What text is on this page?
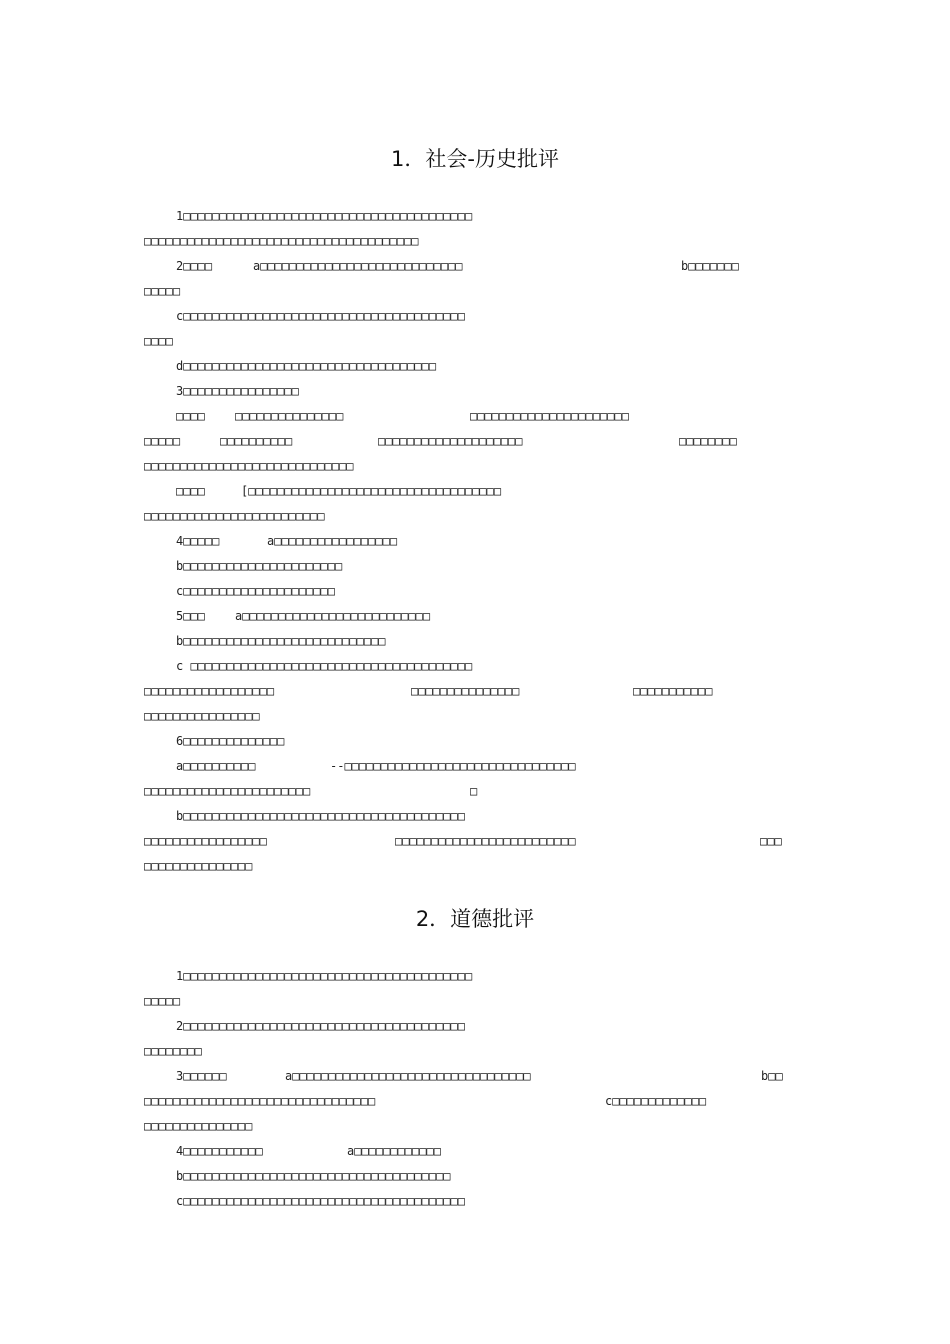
1．社会-历史批评
1□□□□□□□□□□□□□□□□□□□□□□□□□□□□□□□□□□□□□□□□
□□□□□□□□□□□□□□□□□□□□□□□□□□□□□□□□□□□□□□
2□□□□	a□□□□□□□□□□□□□□□□□□□□□□□□□□□□	b□□□□□□□
□□□□□
c□□□□□□□□□□□□□□□□□□□□□□□□□□□□□□□□□□□□□□□
□□□□
d□□□□□□□□□□□□□□□□□□□□□□□□□□□□□□□□□□□
3□□□□□□□□□□□□□□□□
□□□□	□□□□□□□□□□□□□□□	□□□□□□□□□□□□□□□□□□□□□□
□□□□□	□□□□□□□□□□	□□□□□□□□□□□□□□□□□□□□	□□□□□□□□
□□□□□□□□□□□□□□□□□□□□□□□□□□□□□
□□□□	[□□□□□□□□□□□□□□□□□□□□□□□□□□□□□□□□□□□
□□□□□□□□□□□□□□□□□□□□□□□□□
4□□□□□	a□□□□□□□□□□□□□□□□□
b□□□□□□□□□□□□□□□□□□□□□□
c□□□□□□□□□□□□□□□□□□□□□
5□□□	a□□□□□□□□□□□□□□□□□□□□□□□□□□
b□□□□□□□□□□□□□□□□□□□□□□□□□□□□
c □□□□□□□□□□□□□□□□□□□□□□□□□□□□□□□□□□□□□□□
□□□□□□□□□□□□□□□□□□	□□□□□□□□□□□□□□□	□□□□□□□□□□□
□□□□□□□□□□□□□□□□
6□□□□□□□□□□□□□□
a□□□□□□□□□□	--□□□□□□□□□□□□□□□□□□□□□□□□□□□□□□□□
□□□□□□□□□□□□□□□□□□□□□□□	□
b□□□□□□□□□□□□□□□□□□□□□□□□□□□□□□□□□□□□□□□
□□□□□□□□□□□□□□□□□	□□□□□□□□□□□□□□□□□□□□□□□□□	□□□
□□□□□□□□□□□□□□□
2．道德批评
1□□□□□□□□□□□□□□□□□□□□□□□□□□□□□□□□□□□□□□□□
□□□□□
2□□□□□□□□□□□□□□□□□□□□□□□□□□□□□□□□□□□□□□□
□□□□□□□□
3□□□□□□	a□□□□□□□□□□□□□□□□□□□□□□□□□□□□□□□□□	b□□
□□□□□□□□□□□□□□□□□□□□□□□□□□□□□□□□	c□□□□□□□□□□□□□
□□□□□□□□□□□□□□□
4□□□□□□□□□□□	a□□□□□□□□□□□□
b□□□□□□□□□□□□□□□□□□□□□□□□□□□□□□□□□□□□□
c□□□□□□□□□□□□□□□□□□□□□□□□□□□□□□□□□□□□□□□
